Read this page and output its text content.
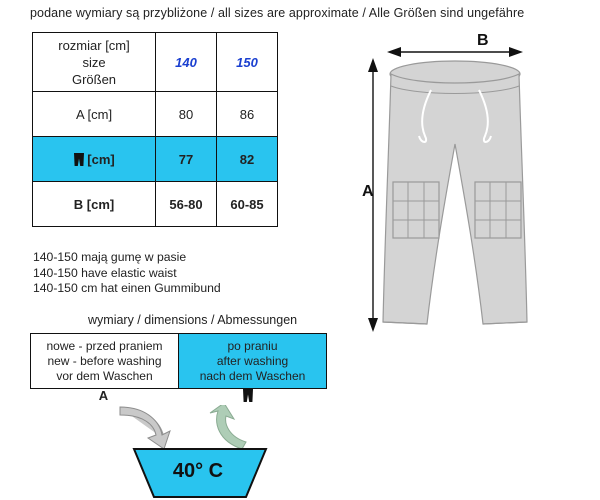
podane wymiary są przybliżone / all sizes are approximate / Alle Größen sind ungefähre
rozmiar [cm]
size
Größen	140	150
A [cm]	80	86
[cm]	77	82
B [cm]	56-80	60-85
140-150 mają gumę w pasie
140-150 have elastic waist
140-150 cm hat einen Gummibund
wymiary / dimensions / Abmessungen
nowe - przed praniem
new - before washing
vor dem Waschen

po praniu
after washing
nach dem Waschen
A
40° C
A
B
